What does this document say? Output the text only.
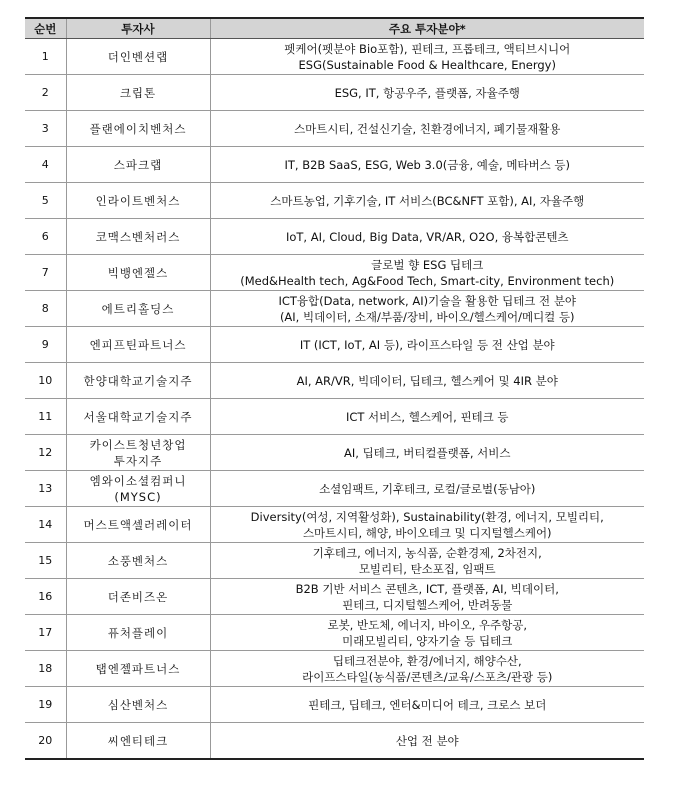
순번	투자사	주요 투자분야*
1	더인벤션랩	펫케어(펫분야 Bio포함), 핀테크, 프롭테크, 액티브시니어
ESG(Sustainable Food & Healthcare, Energy)

2	크립톤	ESG, IT, 항공우주, 플랫폼, 자율주행

3	플랜에이치벤처스	스마트시티, 건설신기술, 친환경에너지, 폐기물재활용

4	스파크랩	IT, B2B SaaS, ESG, Web 3.0(금융, 예술, 메타버스 등)

5	인라이트벤처스	스마트농업, 기후기술, IT 서비스(BC&NFT 포함), AI, 자율주행

6	코맥스벤처러스	IoT, AI, Cloud, Big Data, VR/AR, O2O, 융복합콘텐츠

7	빅뱅엔젤스	글로벌 향 ESG 딥테크
(Med&Health tech, Ag&Food Tech, Smart-city, Environment tech)

8	에트리홀딩스	ICT융합(Data, network, AI)기술을 활용한 딥테크 전 분야
(AI, 빅데이터, 소재/부품/장비, 바이오/헬스케어/메디컬 등)

9	엔피프틴파트너스	IT (ICT, IoT, AI 등), 라이프스타일 등 전 산업 분야

10	한양대학교기술지주	AI, AR/VR, 빅데이터, 딥테크, 헬스케어 및 4IR 분야

11	서울대학교기술지주	ICT 서비스, 헬스케어, 핀테크 등

12	카이스트청년창업
투자지주	AI, 딥테크, 버티컬플랫폼, 서비스

13	엠와이소셜컴퍼니
(MYSC)	소셜임팩트, 기후테크, 로컬/글로벌(동남아)

14	머스트액셀러레이터	Diversity(여성, 지역활성화), Sustainability(환경, 에너지, 모빌리티,
스마트시티, 해양, 바이오테크 및 디지털헬스케어)

15	소풍벤처스	기후테크, 에너지, 농식품, 순환경제, 2차전지,
모빌리티, 탄소포집, 임팩트

16	더존비즈온	B2B 기반 서비스 콘텐츠, ICT, 플랫폼, AI, 빅데이터,
핀테크, 디지털헬스케어, 반려동물

17	퓨처플레이	로봇, 반도체, 에너지, 바이오, 우주항공,
미래모빌리티, 양자기술 등 딥테크

18	탭엔젤파트너스	딥테크전분야, 환경/에너지, 해양수산,
라이프스타일(농식품/콘텐츠/교육/스포츠/관광 등)

19	심산벤처스	핀테크, 딥테크, 엔터&미디어 테크, 크로스 보더

20	씨엔티테크	산업 전 분야
